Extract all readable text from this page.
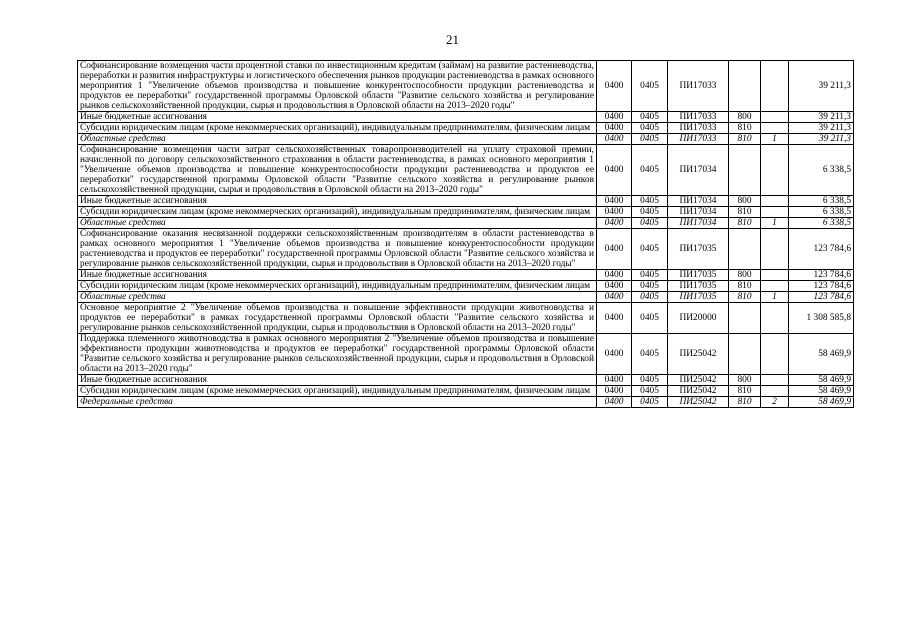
21
Софинансирование возмещения части процентной ставки по инвестиционным кредитам (займам) на развитие растениеводства, переработки и развития инфраструктуры и логистического обеспечения рынков продукции растениеводства в рамках основного мероприятия 1 "Увеличение объемов производства и повышение конкурентоспособности продукции растениеводства и продуктов ее переработки" государственной программы Орловской области "Развитие сельского хозяйства и регулирование рынков сельскохозяйственной продукции, сырья и продовольствия в Орловской области на 2013–2020 годы"	0400	0405	ПИ17033			39 211,3
Иные бюджетные ассигнования	0400	0405	ПИ17033	800		39 211,3
Субсидии юридическим лицам (кроме некоммерческих организаций), индивидуальным предпринимателям, физическим лицам	0400	0405	ПИ17033	810		39 211,3
Областные средства	0400	0405	ПИ17033	810	1	39 211,3
Софинансирование возмещения части затрат сельскохозяйственных товаропроизводителей на уплату страховой премии, начисленной по договору сельскохозяйственного страхования в области растениеводства, в рамках основного мероприятия 1 "Увеличение объемов производства и повышение конкурентоспособности продукции растениеводства и продуктов ее переработки" государственной программы Орловской области "Развитие сельского хозяйства и регулирование рынков сельскохозяйственной продукции, сырья и продовольствия в Орловской области на 2013–2020 годы"	0400	0405	ПИ17034			6 338,5
Иные бюджетные ассигнования	0400	0405	ПИ17034	800		6 338,5
Субсидии юридическим лицам (кроме некоммерческих организаций), индивидуальным предпринимателям, физическим лицам	0400	0405	ПИ17034	810		6 338,5
Областные средства	0400	0405	ПИ17034	810	1	6 338,5
Софинансирование оказания несвязанной поддержки сельскохозяйственным производителям в области растениеводства в рамках основного мероприятия 1 "Увеличение объемов производства и повышение конкурентоспособности продукции растениеводства и продуктов ее переработки" государственной программы Орловской области "Развитие сельского хозяйства и регулирование рынков сельскохозяйственной продукции, сырья и продовольствия в Орловской области на 2013–2020 годы"	0400	0405	ПИ17035			123 784,6
Иные бюджетные ассигнования	0400	0405	ПИ17035	800		123 784,6
Субсидии юридическим лицам (кроме некоммерческих организаций), индивидуальным предпринимателям, физическим лицам	0400	0405	ПИ17035	810		123 784,6
Областные средства	0400	0405	ПИ17035	810	1	123 784,6
Основное мероприятие 2 "Увеличение объемов производства и повышение эффективности продукции животноводства и продуктов ее переработки" в рамках государственной программы Орловской области "Развитие сельского хозяйства и регулирование рынков сельскохозяйственной продукции, сырья и продовольствия в Орловской области на 2013–2020 годы"	0400	0405	ПИ20000			1 308 585,8
Поддержка племенного животноводства в рамках основного мероприятия 2 "Увеличение объемов производства и повышение эффективности продукции животноводства и продуктов ее переработки" государственной программы Орловской области "Развитие сельского хозяйства и регулирование рынков сельскохозяйственной продукции, сырья и продовольствия в Орловской области на 2013–2020 годы"	0400	0405	ПИ25042			58 469,9
Иные бюджетные ассигнования	0400	0405	ПИ25042	800		58 469,9
Субсидии юридическим лицам (кроме некоммерческих организаций), индивидуальным предпринимателям, физическим лицам	0400	0405	ПИ25042	810		58 469,9
Федеральные средства	0400	0405	ПИ25042	810	2	58 469,9
